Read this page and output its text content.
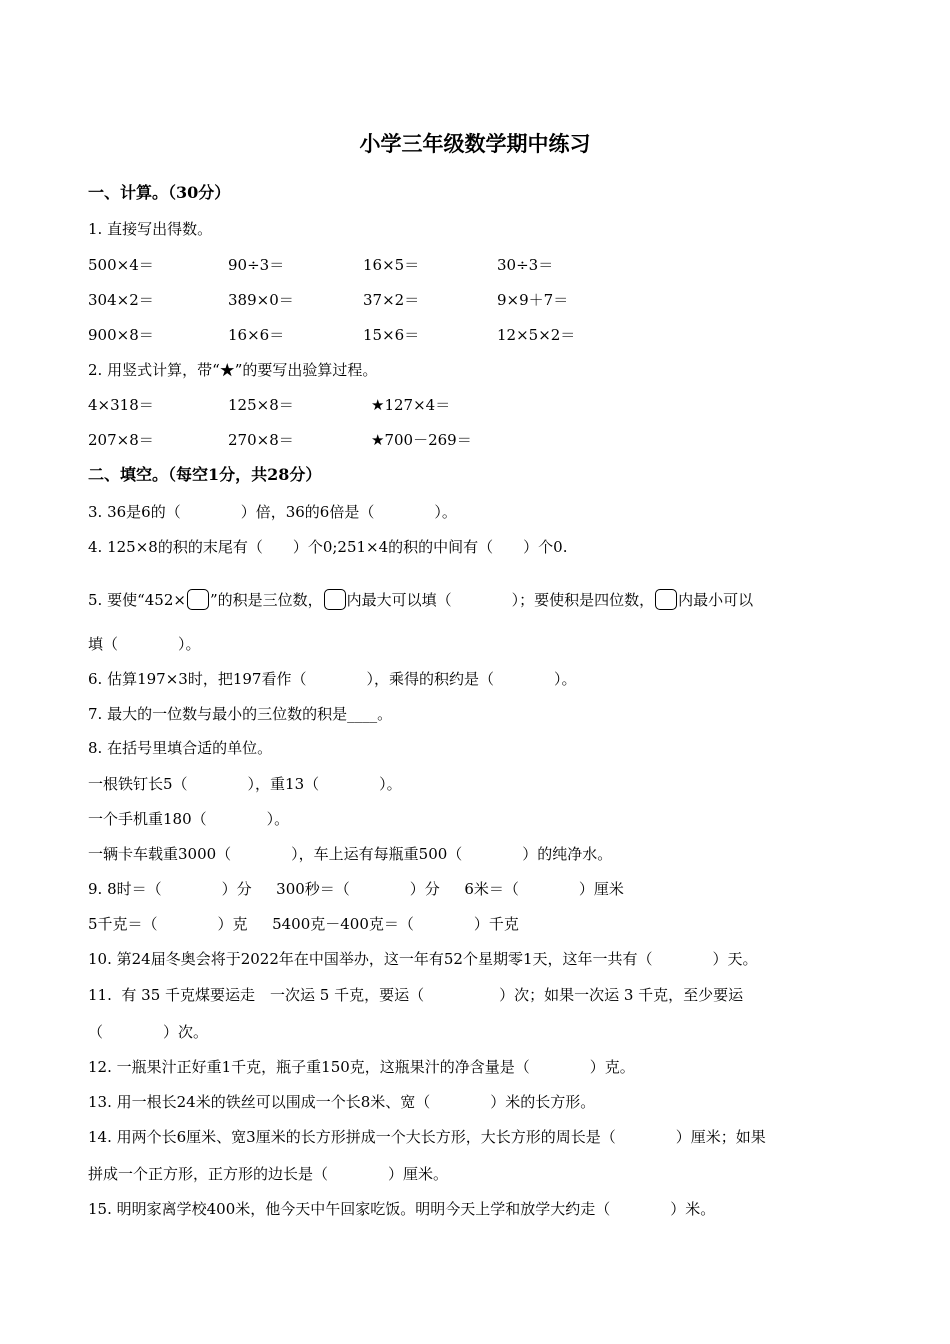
小学三年级数学期中练习
一、计算。（30分）
1. 直接写出得数。
500×4＝	90÷3＝	16×5＝	30÷3＝
304×2＝	389×0＝	37×2＝	9×9＋7＝
900×8＝	16×6＝	15×6＝	12×5×2＝
2. 用竖式计算，带“★”的要写出验算过程。
4×318＝	125×8＝	★127×4＝
207×8＝	270×8＝	★700－269＝
二、填空。（每空1分，共28分）
3. 36是6的（　　　　）倍，36的6倍是（　　　　）。
4. 125×8的积的末尾有（　　）个0;251×4的积的中间有（　　）个0.
5. 要使“452× ”的积是三位数， 内最大可以填（　　　　）；要使积是四位数， 内最小可以
填（　　　　）。
6. 估算197×3时，把197看作（　　　　），乘得的积约是（　　　　）。
7. 最大的一位数与最小的三位数的积是____。
8. 在括号里填合适的单位。
一根铁钉长5（　　　　），重13（　　　　）。
一个手机重180（　　　　）。
一辆卡车载重3000（　　　　），车上运有每瓶重500（　　　　）的纯净水。
9. 8时＝（　　　　）分　  300秒＝（　　　　）分　  6米＝（　　　　）厘米
5千克＝（　　　　）克　  5400克－400克＝（　　　　）千克
10. 第24届冬奥会将于2022年在中国举办，这一年有52个星期零1天，这年一共有（　　　　）天。
11.  有 35 千克煤要运走　一次运 5 千克，要运（　　　　　）次；如果一次运 3 千克，至少要运
（　　　　）次。
12. 一瓶果汁正好重1千克，瓶子重150克，这瓶果汁的净含量是（　　　　）克。
13. 用一根长24米的铁丝可以围成一个长8米、宽（　　　　）米的长方形。
14. 用两个长6厘米、宽3厘米的长方形拼成一个大长方形，大长方形的周长是（　　　　）厘米；如果
拼成一个正方形，正方形的边长是（　　　　）厘米。
15. 明明家离学校400米，他今天中午回家吃饭。明明今天上学和放学大约走（　　　　）米。
